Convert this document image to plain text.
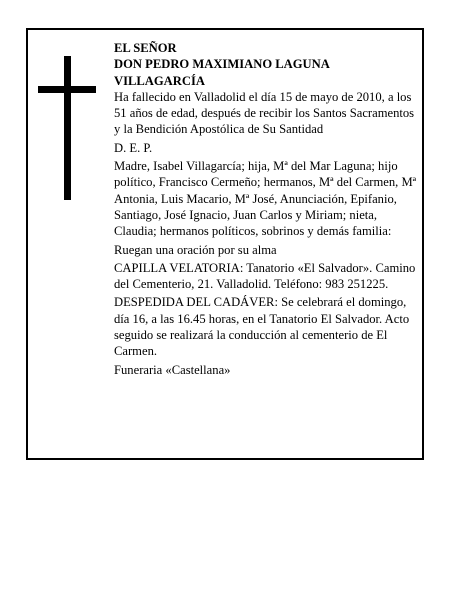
EL SEÑOR

DON PEDRO MAXIMIANO LAGUNA

VILLAGARCÍA

Ha fallecido en Valladolid el día 15 de mayo de 2010, a los 51 años de edad, después de recibir los Santos Sacramentos y la Bendición Apostólica de Su Santidad

D. E. P.

Madre, Isabel Villagarcía; hija, Mª del Mar Laguna; hijo político, Francisco Cermeño; hermanos, Mª del Carmen, Mª Antonia, Luis Macario, Mª José, Anunciación, Epifanio, Santiago, José Ignacio, Juan Carlos y Miriam; nieta, Claudia; hermanos políticos, sobrinos y demás familia:

Ruegan una oración por su alma

CAPILLA VELATORIA: Tanatorio «El Salvador». Camino del Cementerio, 21. Valladolid. Teléfono: 983 251225.

DESPEDIDA DEL CADÁVER: Se celebrará el domingo, día 16, a las 16.45 horas, en el Tanatorio El Salvador. Acto seguido se realizará la conducción al cementerio de El Carmen.

Funeraria «Castellana»
